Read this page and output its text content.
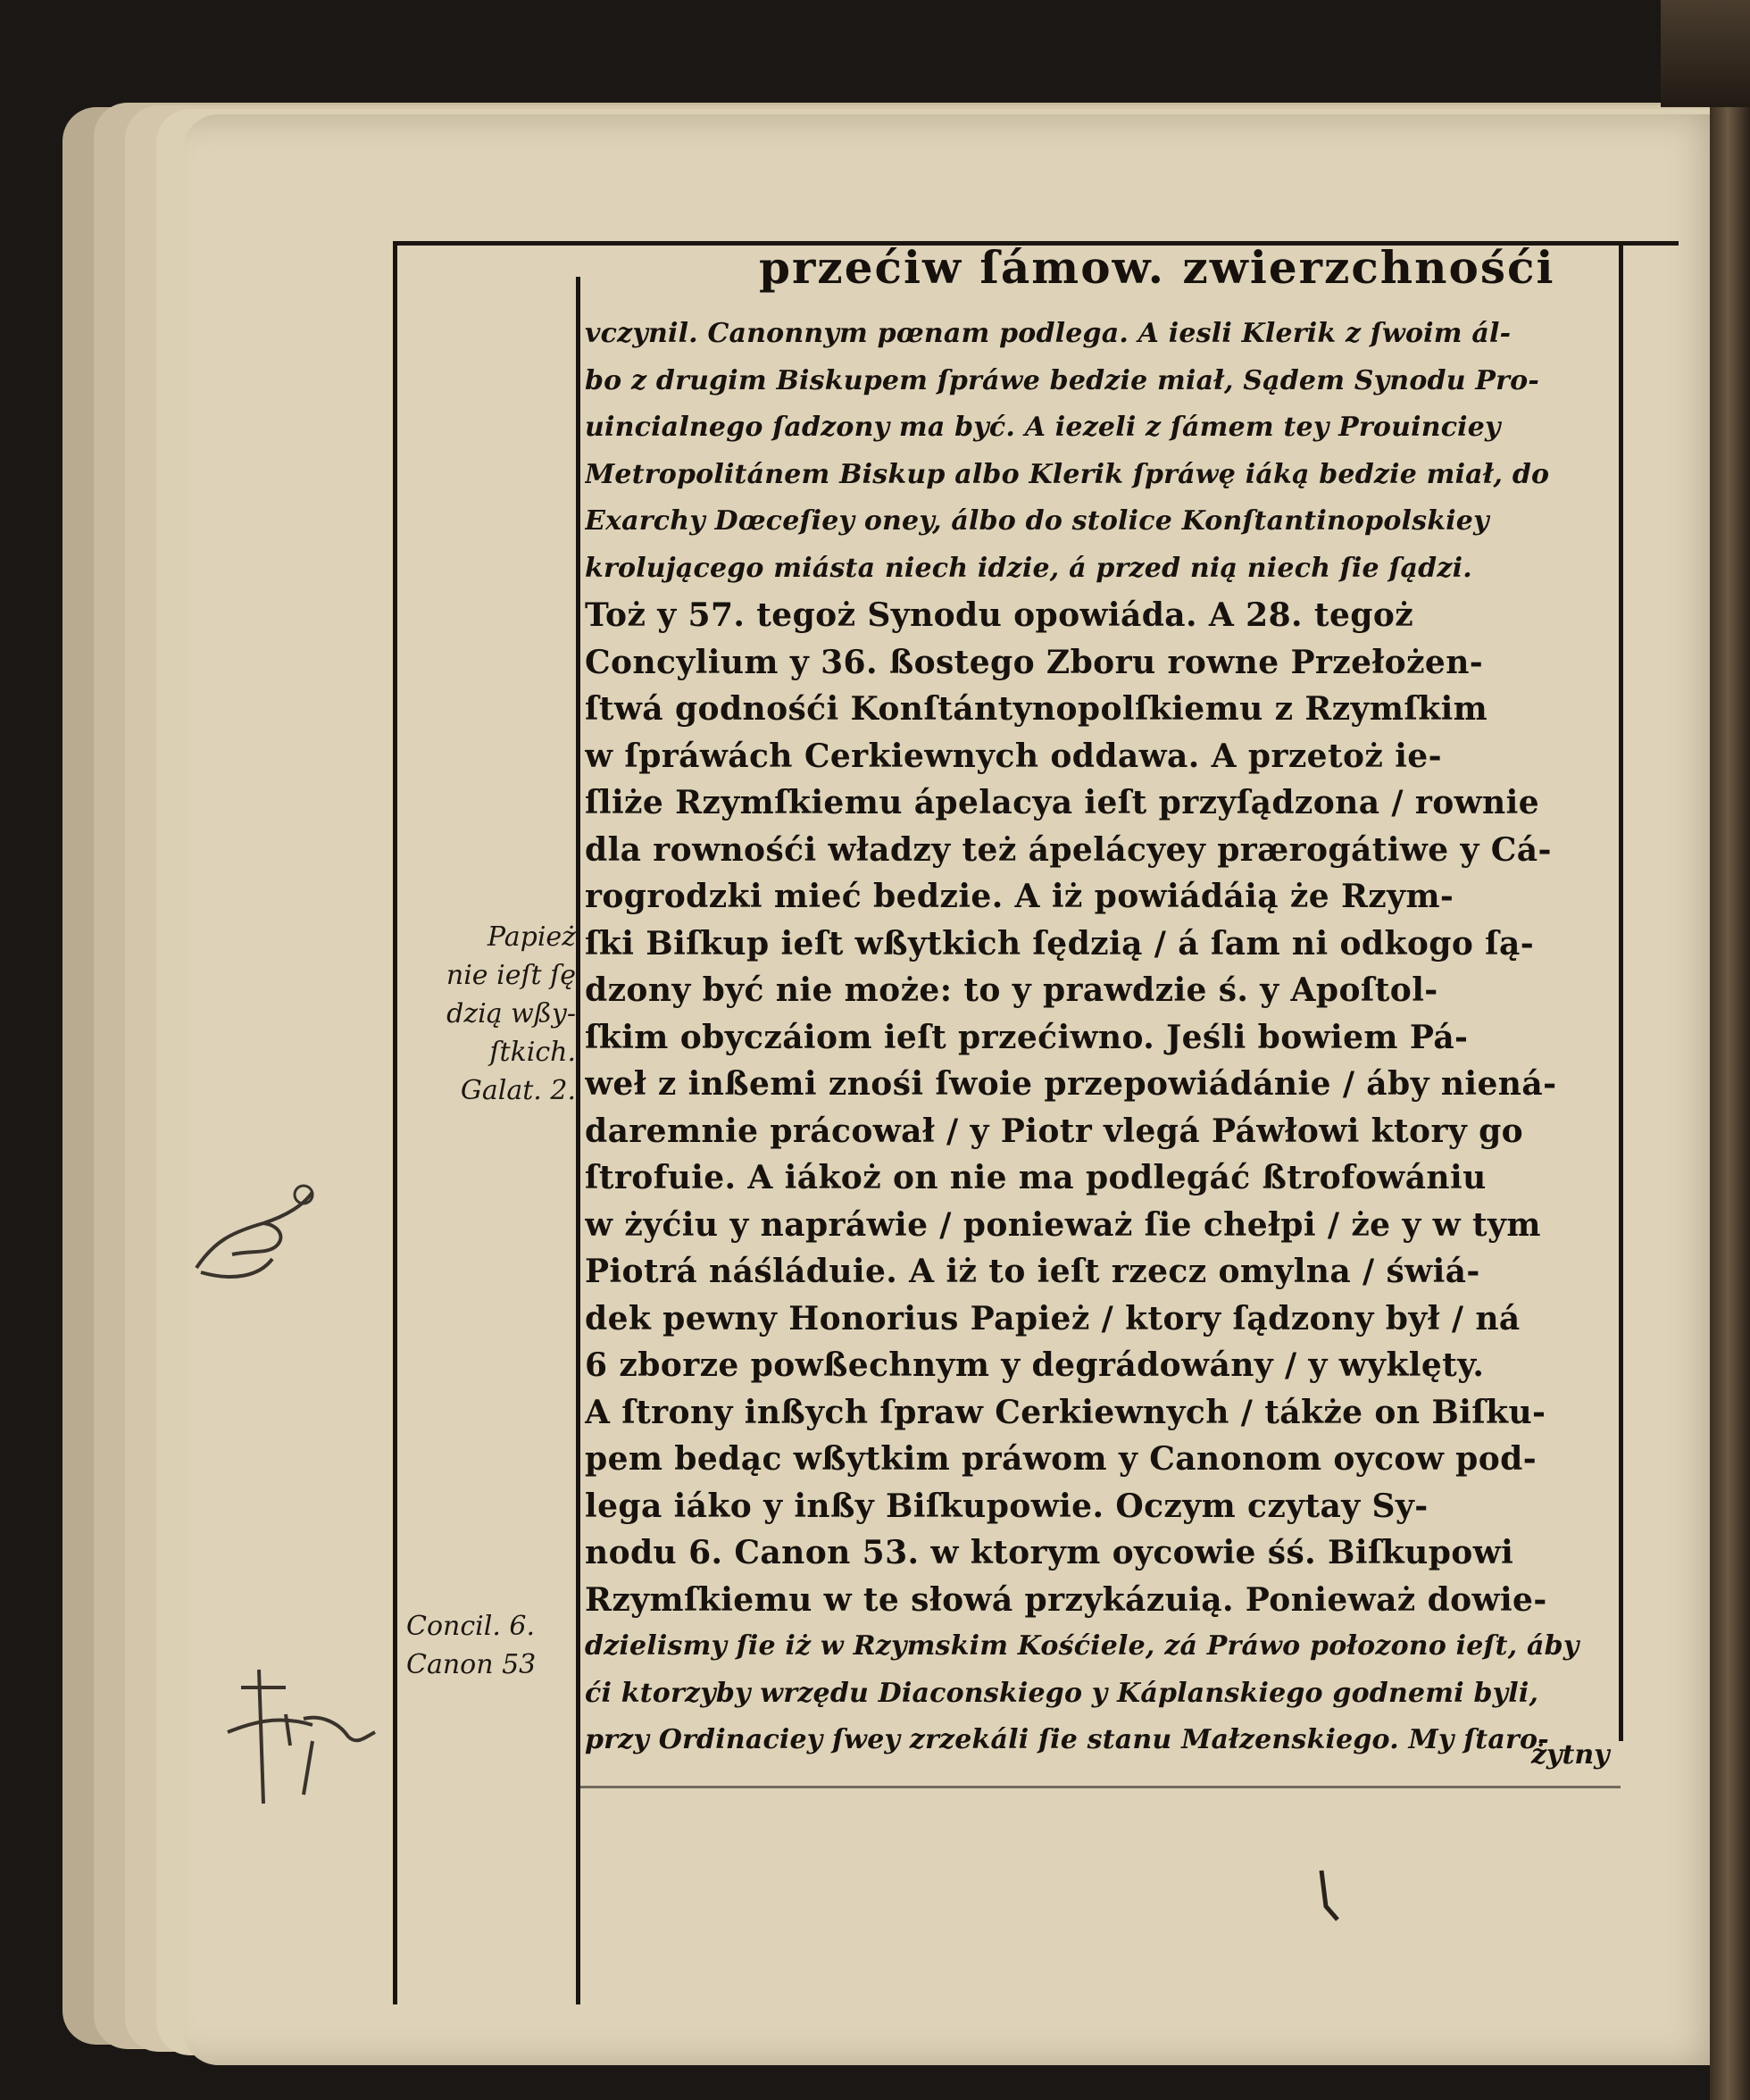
przećiw ſámow. zwierzchnośći
vczynil. Canonnym pœnam podlega. A iesli Klerik z ſwoim ál-
bo z drugim Biskupem ſpráwe bedzie miał, Sądem Synodu Pro-
uincialnego ſadzony ma być. A iezeli z ſámem tey Prouinciey
Metropolitánem Biskup albo Klerik ſpráwę iáką bedzie miał, do
Exarchy Dœceſiey oney, álbo do stolice Konſtantinopolskiey
krolującego miásta niech idzie, á przed nią niech ſie ſądzi.
Toż y 57. tegoż Synodu opowiáda. A 28. tegoż
Concylium y 36. ßostego Zboru rowne Przełożen-
ſtwá godnośći Konſtántynopolſkiemu z Rzymſkim
w ſpráwách Cerkiewnych oddawa. A przetoż ie-
ſliże Rzymſkiemu ápelacya ieſt przyſądzona / rownie
dla rownośći władzy też ápelácyey prærogátiwe y Cá-
rogrodzki mieć bedzie. A iż powiádáią że Rzym-
ſki Biſkup ieſt wßytkich ſędzią / á ſam ni odkogo ſą-
dzony być nie może: to y prawdzie ś. y Apoſtol-
ſkim obyczáiom ieſt przećiwno. Jeśli bowiem Pá-
weł z inßemi znośi ſwoie przepowiádánie / áby niená-
daremnie prácował / y Piotr vlegá Páwłowi ktory go
ſtrofuie. A iákoż on nie ma podlegáć ßtrofowániu
w żyćiu y napráwie / ponieważ ſie chełpi / że y w tym
Piotrá náśláduie. A iż to ieſt rzecz omylna / świá-
dek pewny Honorius Papież / ktory ſądzony był / ná
6 zborze powßechnym y degrádowány / y wyklęty.
A ſtrony inßych ſpraw Cerkiewnych / tákże on Biſku-
pem bedąc wßytkim práwom y Canonom oycow pod-
lega iáko y inßy Biſkupowie. Oczym czytay Sy-
nodu 6. Canon 53. w ktorym oycowie śś. Biſkupowi
Rzymſkiemu w te słowá przykázuią. Ponieważ dowie-
dzielismy ſie iż w Rzymskim Kośćiele, zá Práwo połozono ieſt, áby
ći ktorzyby wrzędu Diaconskiego y Káplanskiego godnemi byli,
przy Ordinaciey ſwey zrzekáli ſie stanu Małzenskiego. My ſtaro-
żytny
Papież
nie ieſt ſę
dzią wßy-
ſtkich.
Galat. 2.
Concil. 6.
Canon 53
